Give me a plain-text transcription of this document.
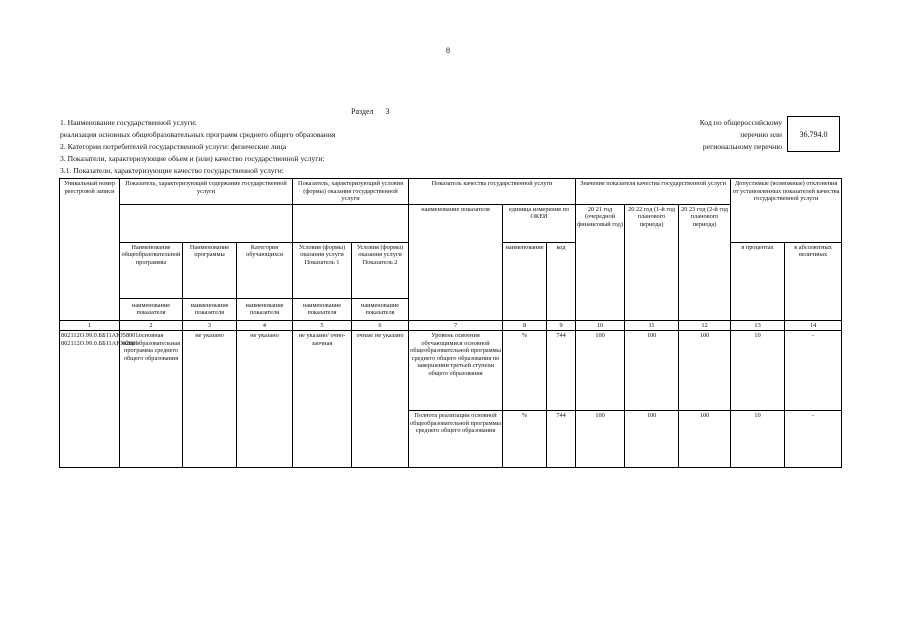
8
Раздел 3
1. Наименование государственной услуги:
реализация основных общеобразовательных программ среднего общего образования
2. Категории потребителей государственной услуги: физические лица
3. Показатели, характеризующие объем и (или) качество государственной услуги:
3.1. Показатели, характеризующие качество государственной услуги:
Код по общероссийскому
перечню или
региональному перечню
36.794.0
Уникальный номер реестровой записи	Показатель, характеризующий содержание государственной услуги			Показатель, характеризующий условия (формы) оказания государственной услуги		Показатель качества государственной услуги			Значение показателя качества государственной услуги			Допустимые (возможные) отклонения от установленных показателей качества государственной услуги	
						наименование показателя	единица измерения по ОКЕИ		20 21 год (очередной финансовый год)	20 22 год (1-й год планового периода)	20 23 год (2-й год планового периода)		
	Наименование общеобразовательной программы	Наименование программы	Категория обучающихся	Условия (формы) оказания услуги Показатель 1	Условия (формы) оказания услуги Показатель 2		наименование	код				в процентах	в абсолютных величинах
	наименование показателя	наименование показателя	наименование показателя	наименование показателя	наименование показателя								
1	2	3	4	5	6	7	8	9	10	11	12	13	14
802112О.99.0.ББ11АЮ58001/ 802112О.99.0.ББ11АЮ62001	основная общеобразовательная программа среднего общего образования	не указано	не указано	не указано/ очно-заочная	очная/ не указано	Уровень освоения обучающимися основной общеобразовательной программы среднего общего образования по завершении третьей ступени общего образования	%	744	100	100	100	10	-
						Полнота реализации основной общеобразовательной программы среднего общего образования	%	744	100	100	100	10	-
